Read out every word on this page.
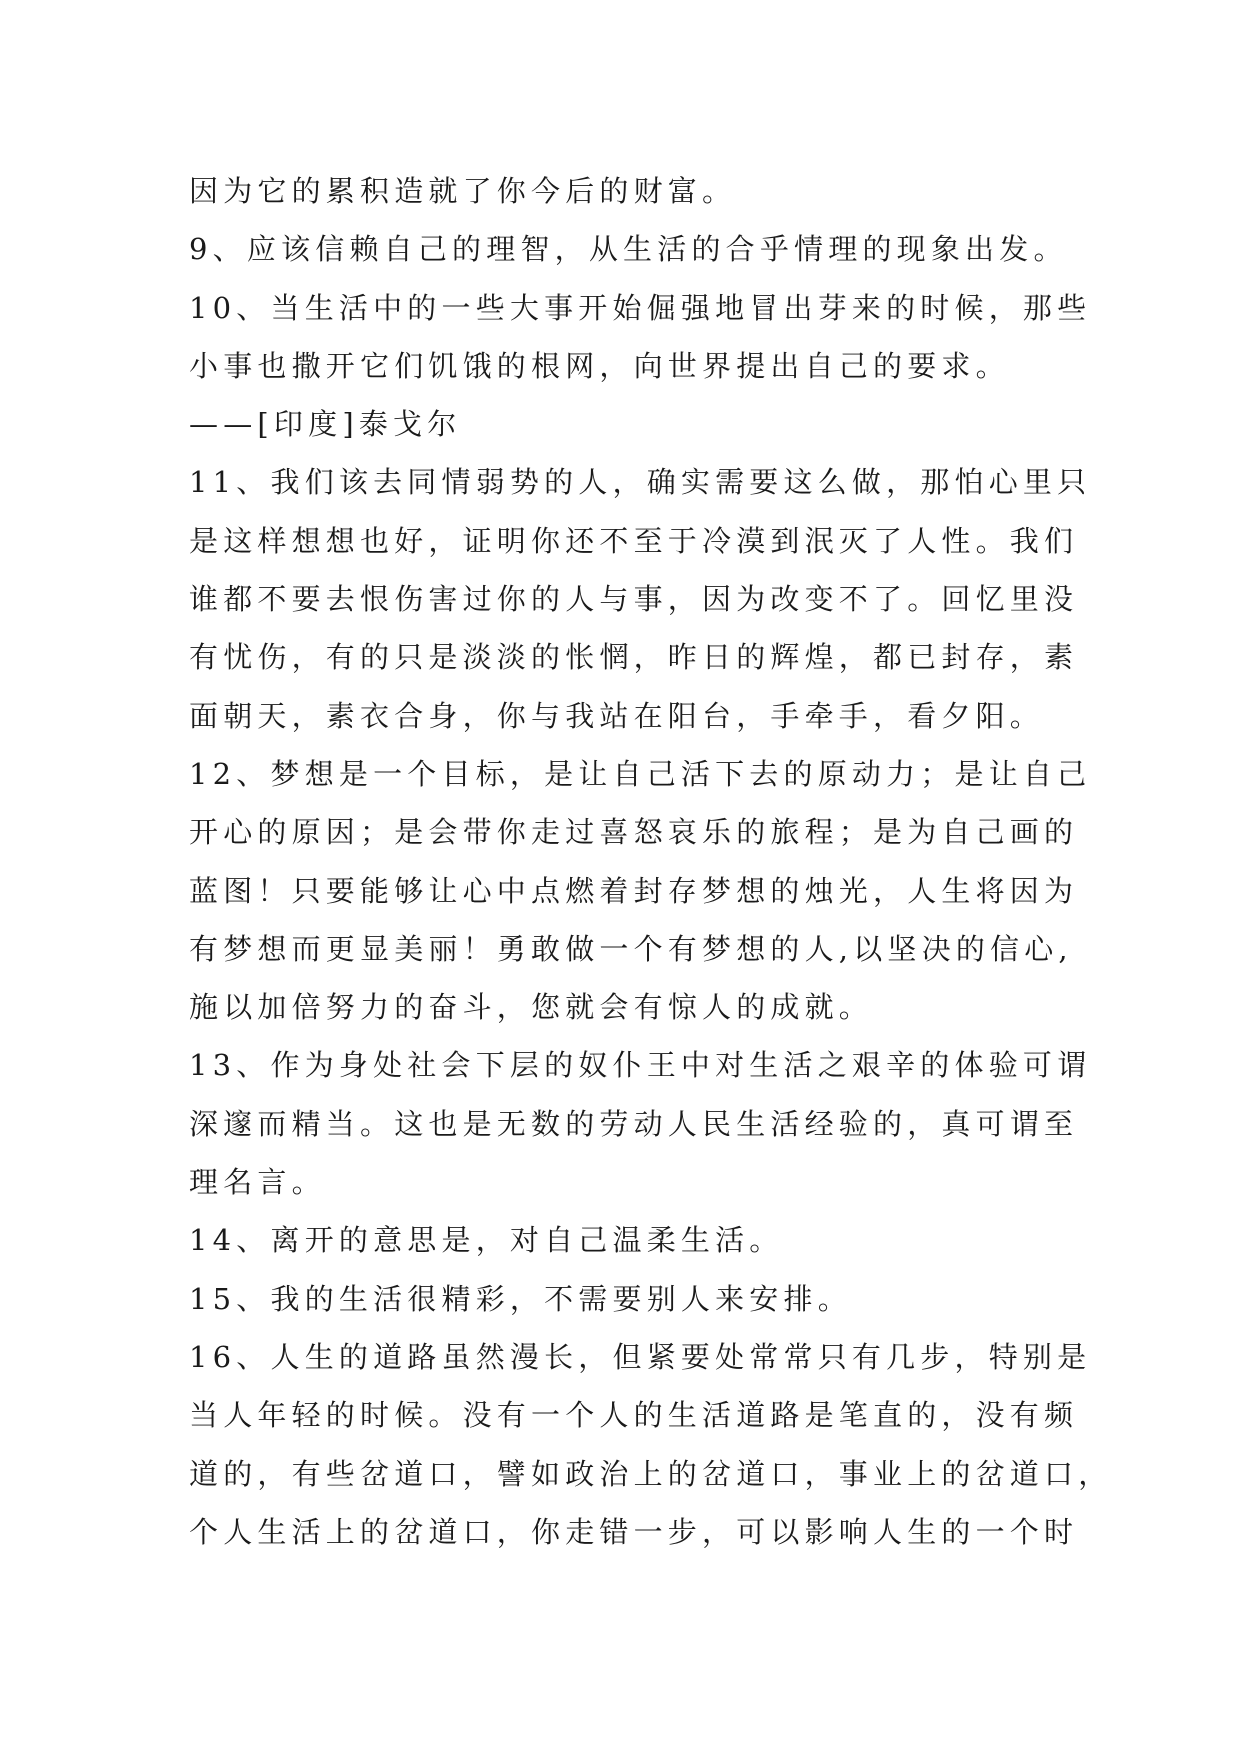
因为它的累积造就了你今后的财富。
9、应该信赖自己的理智，从生活的合乎情理的现象出发。
10、当生活中的一些大事开始倔强地冒出芽来的时候，那些
小事也撒开它们饥饿的根网，向世界提出自己的要求。
——[印度]泰戈尔
11、我们该去同情弱势的人，确实需要这么做，那怕心里只
是这样想想也好，证明你还不至于冷漠到泯灭了人性。我们
谁都不要去恨伤害过你的人与事，因为改变不了。回忆里没
有忧伤，有的只是淡淡的怅惘，昨日的辉煌，都已封存，素
面朝天，素衣合身，你与我站在阳台，手牵手，看夕阳。
12、梦想是一个目标，是让自己活下去的原动力；是让自己
开心的原因；是会带你走过喜怒哀乐的旅程；是为自己画的
蓝图！只要能够让心中点燃着封存梦想的烛光，人生将因为
有梦想而更显美丽！勇敢做一个有梦想的人,以坚决的信心,
施以加倍努力的奋斗，您就会有惊人的成就。
13、作为身处社会下层的奴仆王中对生活之艰辛的体验可谓
深邃而精当。这也是无数的劳动人民生活经验的，真可谓至
理名言。
14、离开的意思是，对自己温柔生活。
15、我的生活很精彩，不需要别人来安排。
16、人生的道路虽然漫长，但紧要处常常只有几步，特别是
当人年轻的时候。没有一个人的生活道路是笔直的，没有频
道的，有些岔道口，譬如政治上的岔道口，事业上的岔道口，
个人生活上的岔道口，你走错一步，可以影响人生的一个时
